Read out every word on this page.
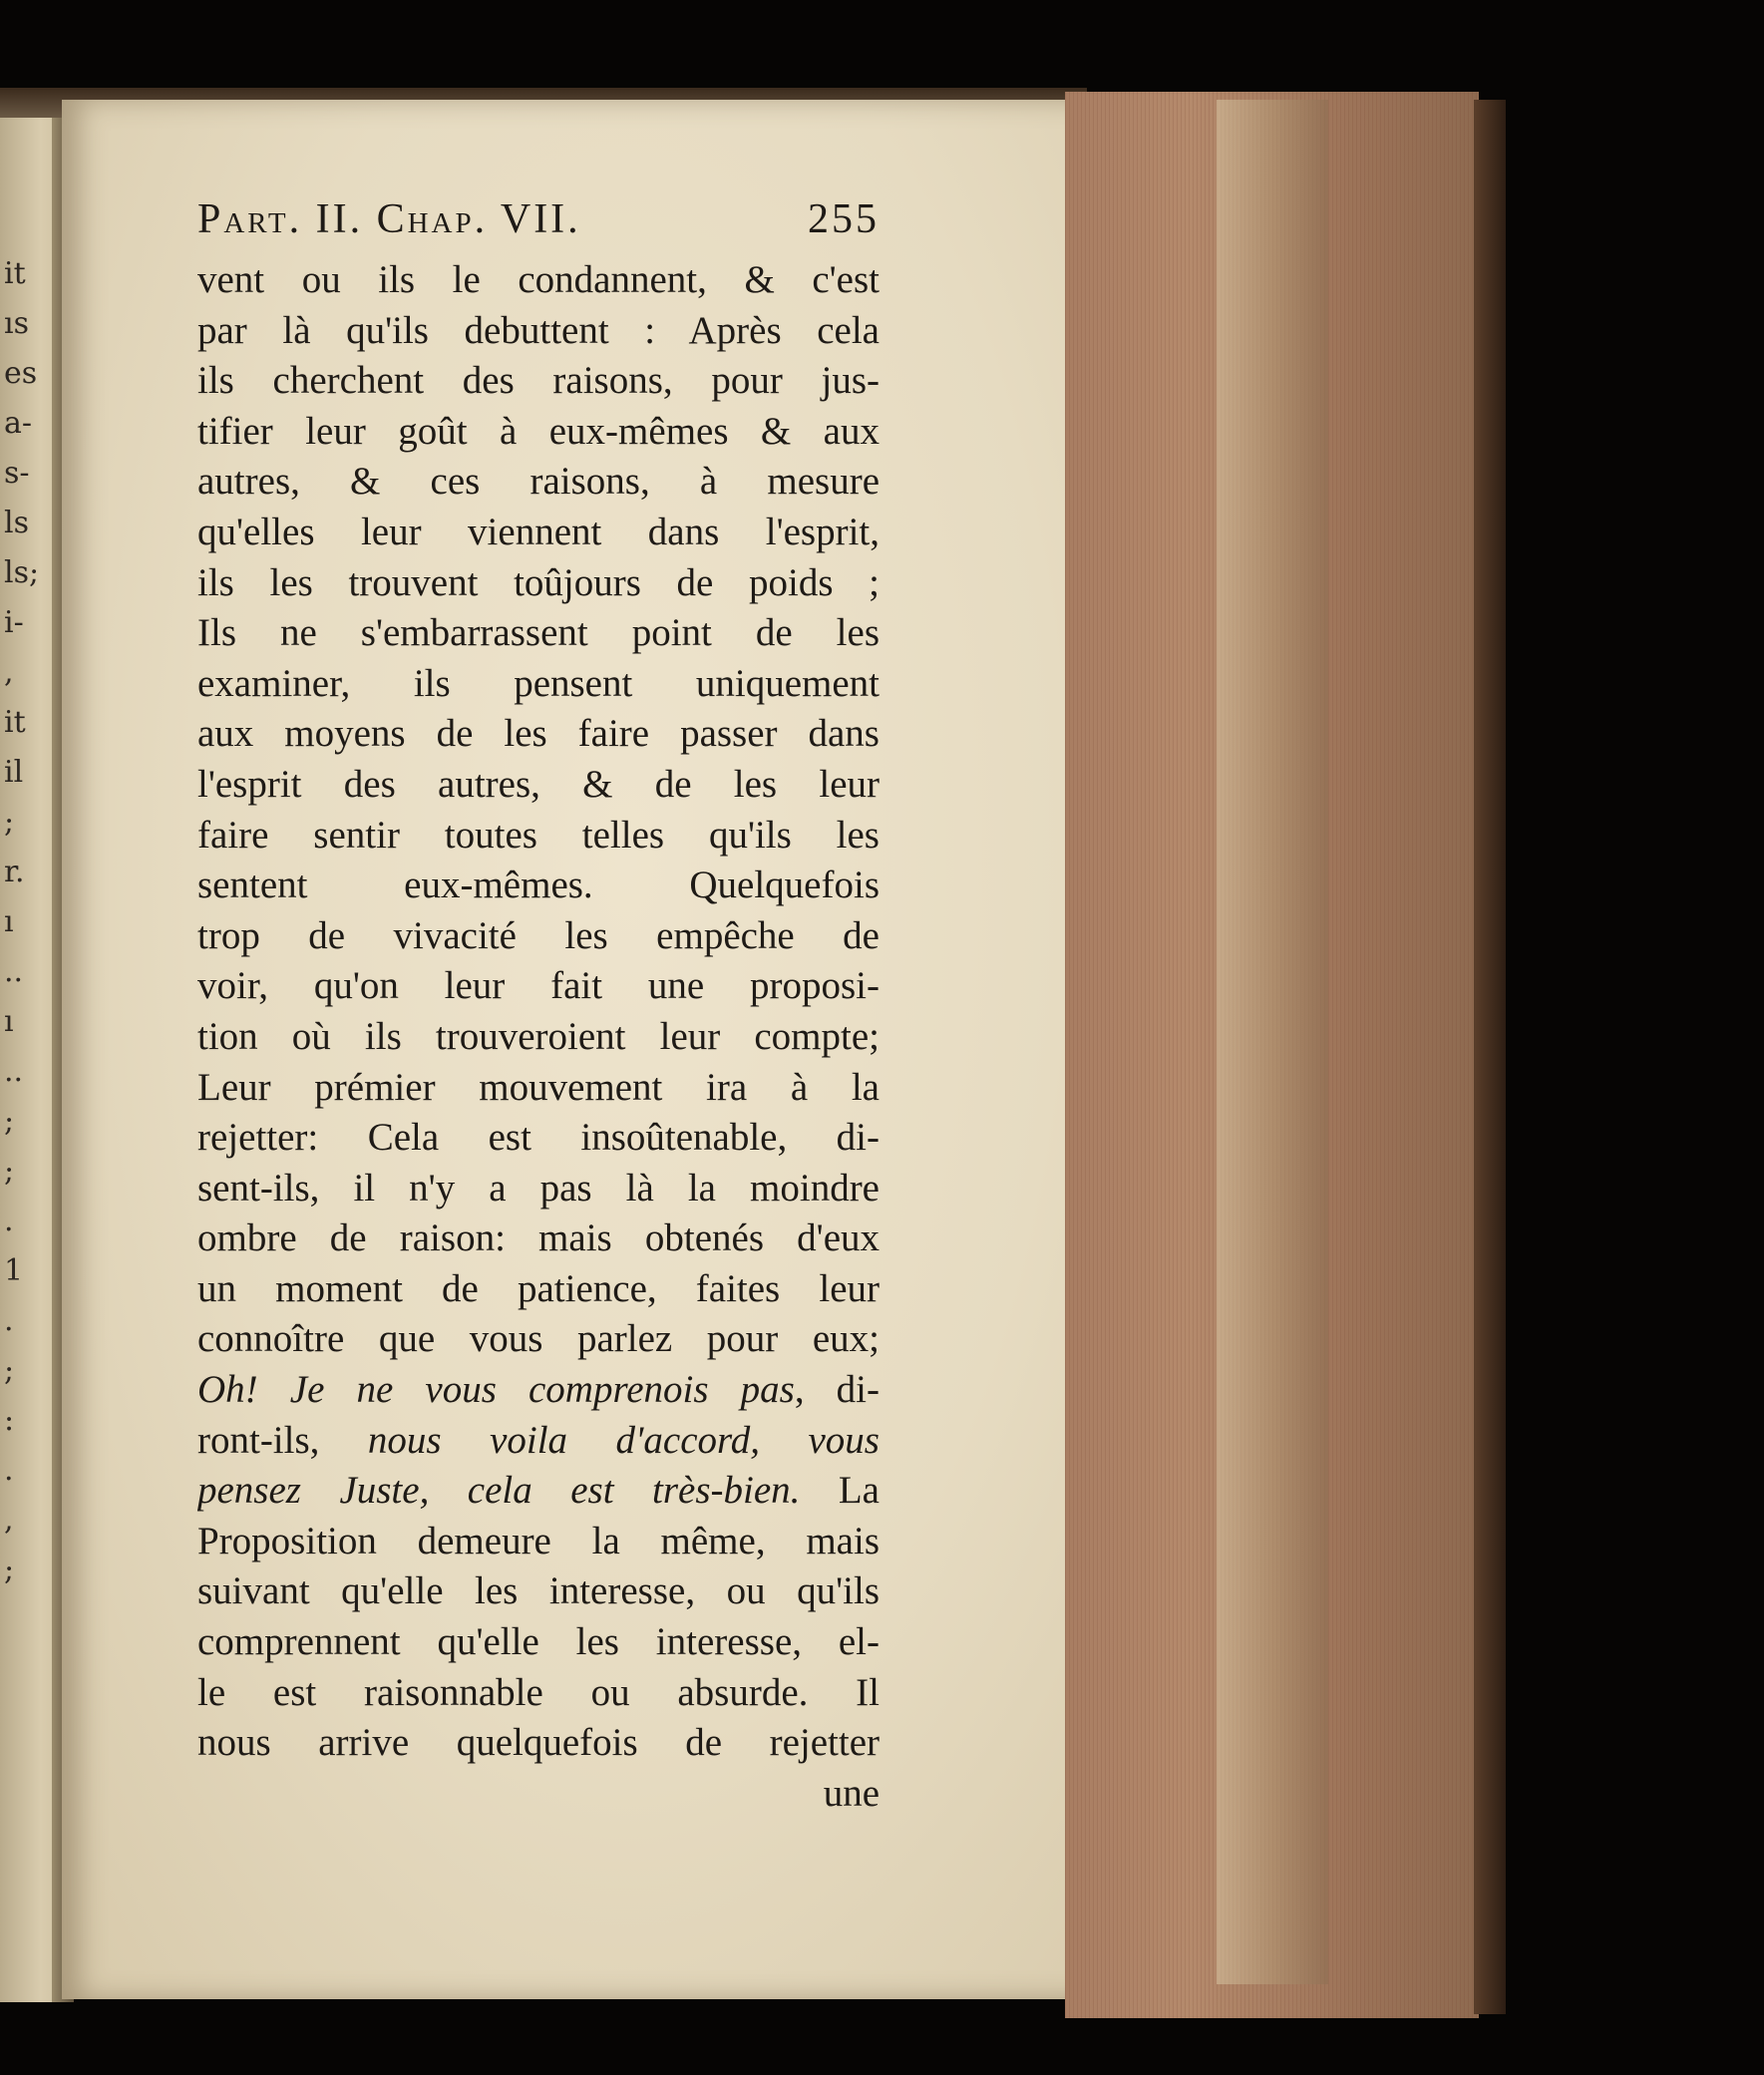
it
ıs
es
a-
s-
ls
ls;
i-
,
it
il
;
r.
ı
..
ı
..
;
;
.
1
.
;
:
.
,
;
Part. II. Chap. VII.	255
vent ou ils le condannent, & c'est
par là qu'ils debuttent : Après cela
ils cherchent des raisons, pour jus-
tifier leur goût à eux-mêmes & aux
autres, & ces raisons, à mesure
qu'elles leur viennent dans l'esprit,
ils les trouvent toûjours de poids ;
Ils ne s'embarrassent point de les
examiner, ils pensent uniquement
aux moyens de les faire passer dans
l'esprit des autres, & de les leur
faire sentir toutes telles qu'ils les
sentent eux-mêmes. Quelquefois
trop de vivacité les empêche de
voir, qu'on leur fait une proposi-
tion où ils trouveroient leur compte;
Leur prémier mouvement ira à la
rejetter: Cela est insoûtenable, di-
sent-ils, il n'y a pas là la moindre
ombre de raison: mais obtenés d'eux
un moment de patience, faites leur
connoître que vous parlez pour eux;
Oh! Je ne vous comprenois pas, di-
ront-ils, nous voila d'accord, vous
pensez Juste, cela est très-bien. La
Proposition demeure la même, mais
suivant qu'elle les interesse, ou qu'ils
comprennent qu'elle les interesse, el-
le est raisonnable ou absurde. Il
nous arrive quelquefois de rejetter
une
